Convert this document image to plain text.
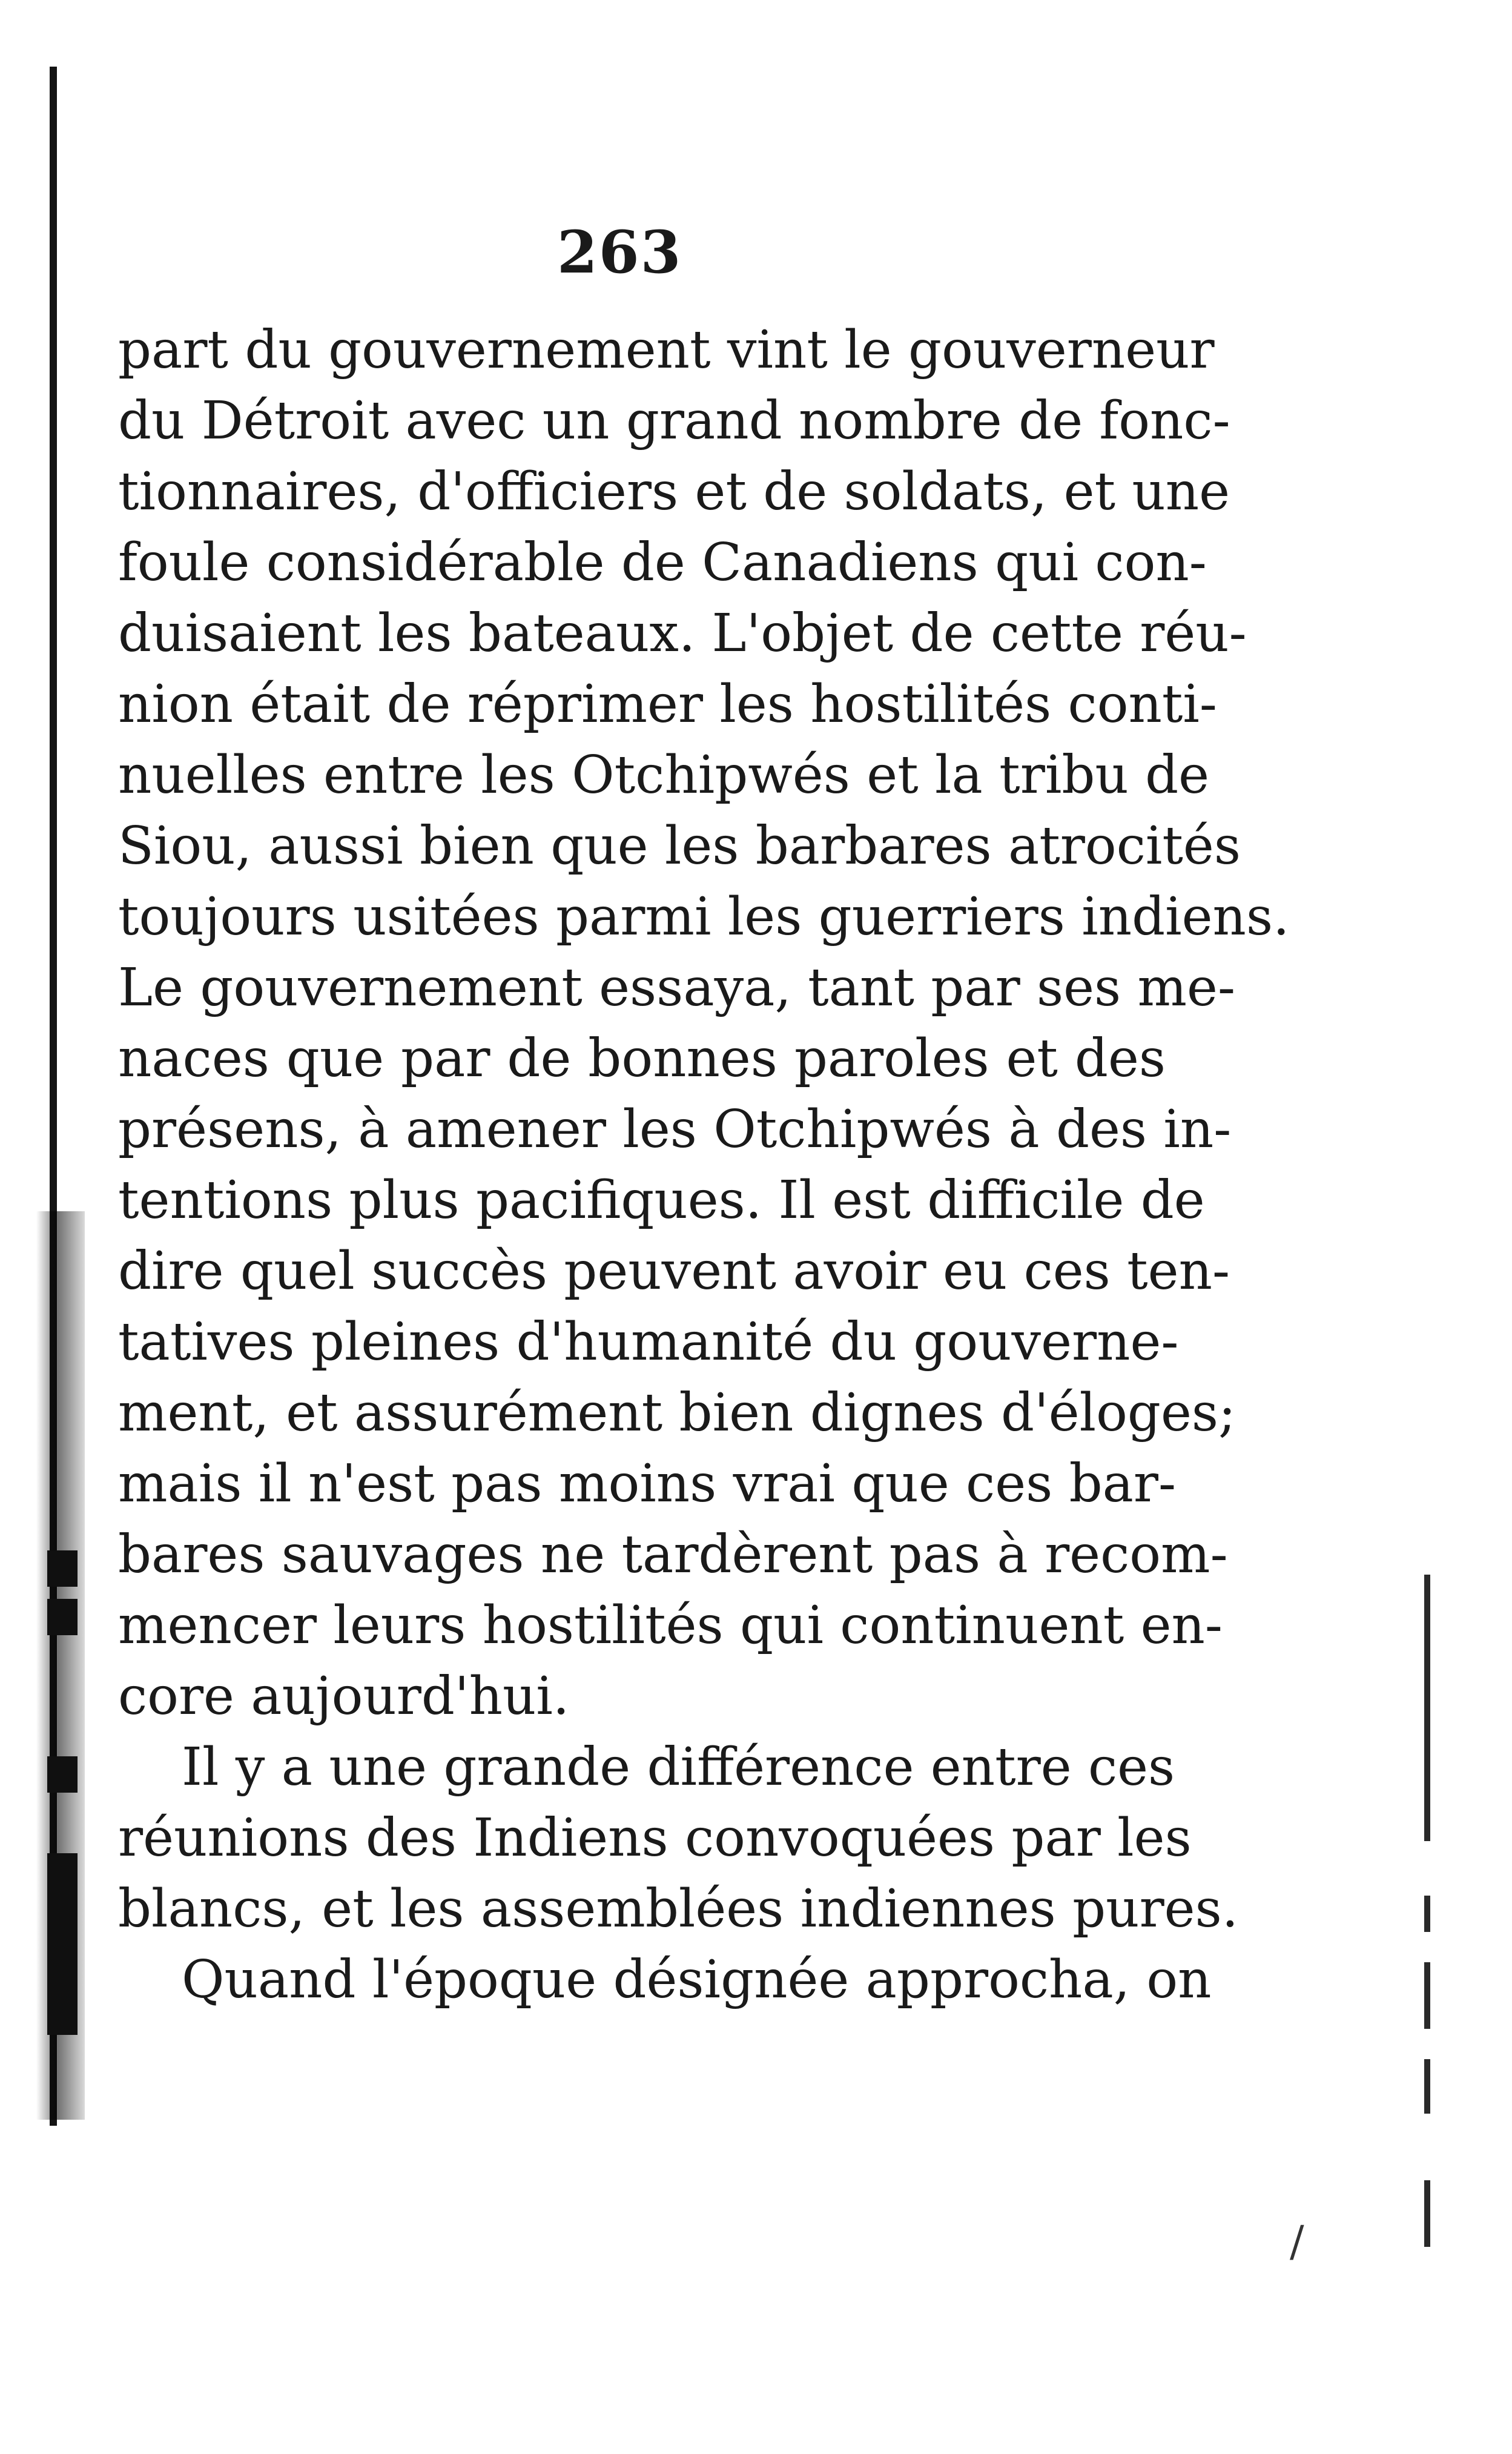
/
263
part du gouvernement vint le gouverneur
du Détroit avec un grand nombre de fonc-
tionnaires, d'officiers et de soldats, et une
foule considérable de Canadiens qui con-
duisaient les bateaux. L'objet de cette réu-
nion était de réprimer les hostilités conti-
nuelles entre les Otchipwés et la tribu de
Siou, aussi bien que les barbares atrocités
toujours usitées parmi les guerriers indiens.
Le gouvernement essaya, tant par ses me-
naces que par de bonnes paroles et des
présens, à amener les Otchipwés à des in-
tentions plus pacifiques. Il est difficile de
dire quel succès peuvent avoir eu ces ten-
tatives pleines d'humanité du gouverne-
ment, et assurément bien dignes d'éloges;
mais il n'est pas moins vrai que ces bar-
bares sauvages ne tardèrent pas à recom-
mencer leurs hostilités qui continuent en-
core aujourd'hui.
Il y a une grande différence entre ces
réunions des Indiens convoquées par les
blancs, et les assemblées indiennes pures.
Quand l'époque désignée approcha, on
